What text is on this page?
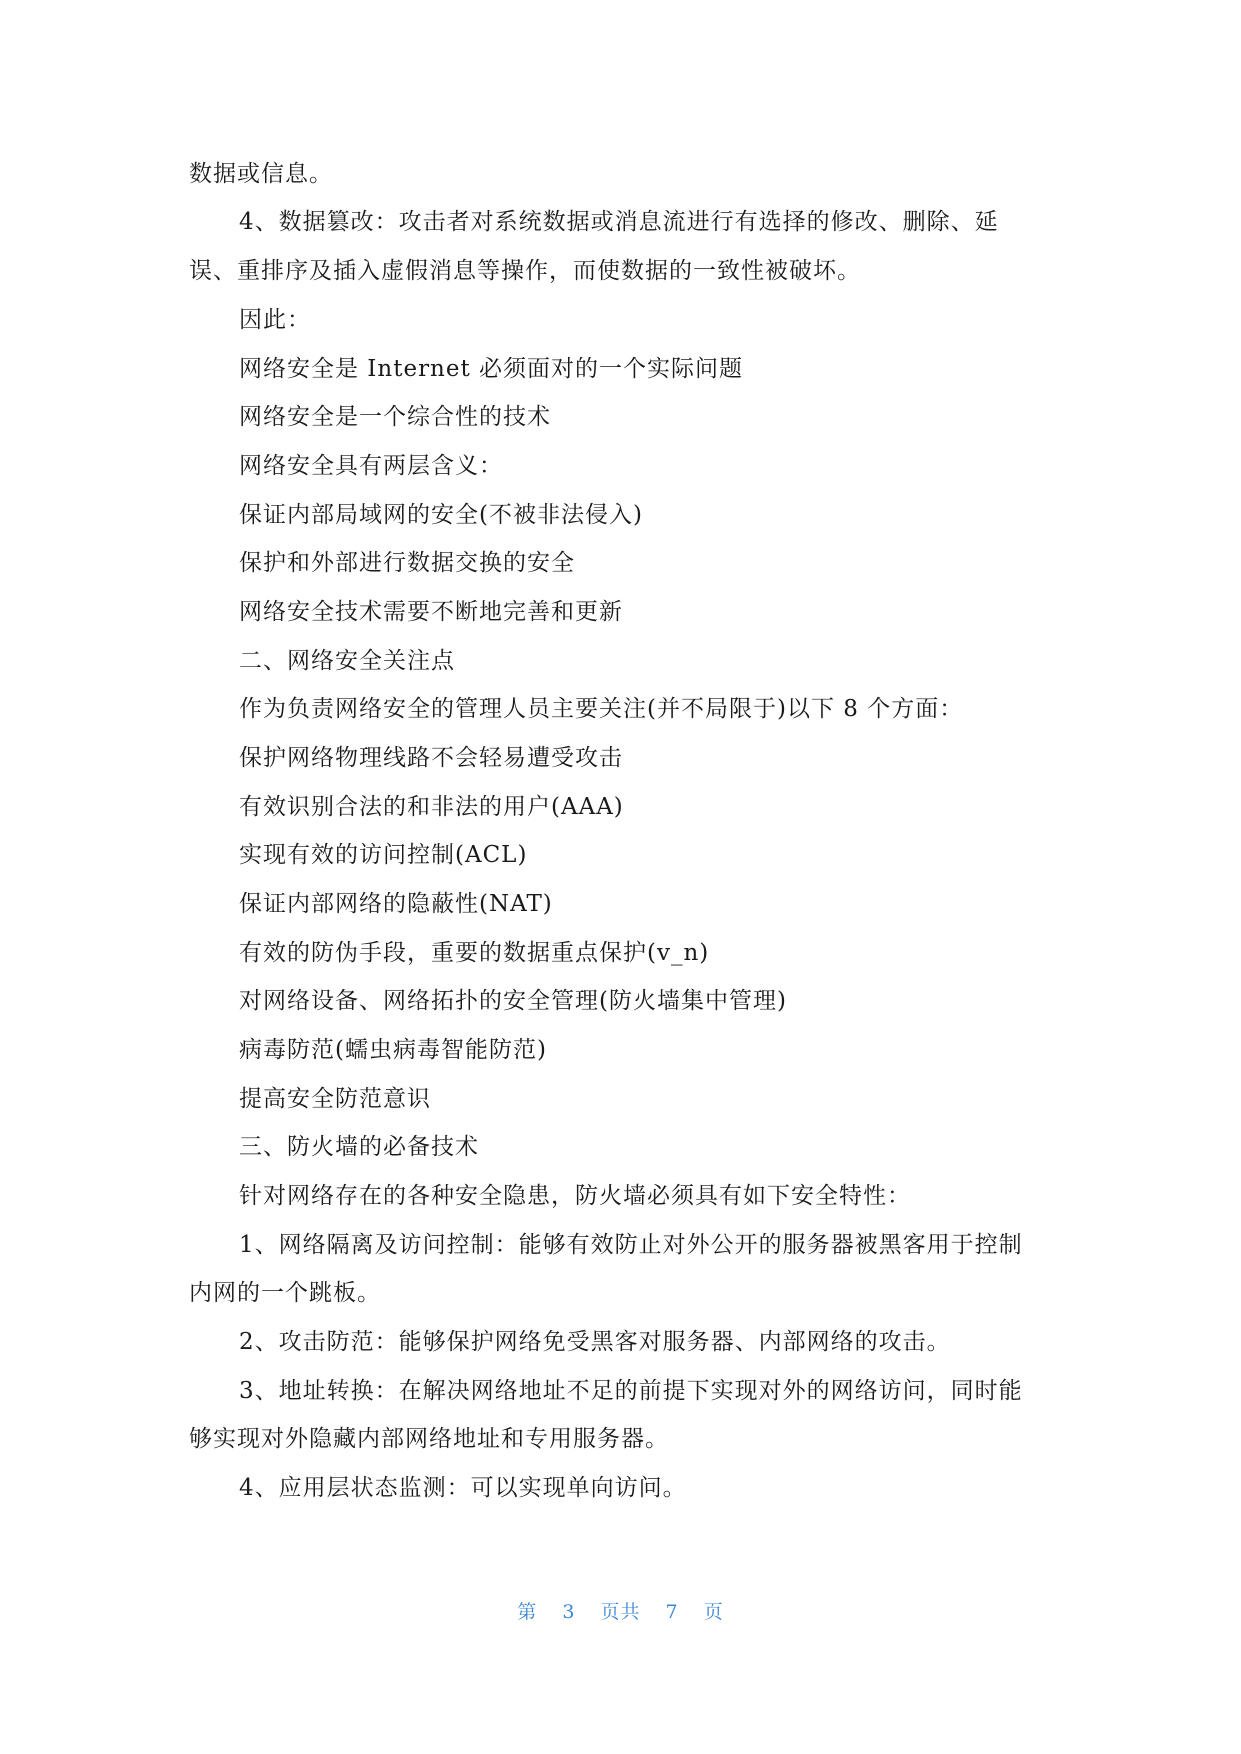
数据或信息。
4、数据篡改：攻击者对系统数据或消息流进行有选择的修改、删除、延
误、重排序及插入虚假消息等操作，而使数据的一致性被破坏。
因此：
网络安全是 Internet 必须面对的一个实际问题
网络安全是一个综合性的技术
网络安全具有两层含义：
保证内部局域网的安全(不被非法侵入)
保护和外部进行数据交换的安全
网络安全技术需要不断地完善和更新
二、网络安全关注点
作为负责网络安全的管理人员主要关注(并不局限于)以下 8 个方面：
保护网络物理线路不会轻易遭受攻击
有效识别合法的和非法的用户(AAA)
实现有效的访问控制(ACL)
保证内部网络的隐蔽性(NAT)
有效的防伪手段，重要的数据重点保护(v_n)
对网络设备、网络拓扑的安全管理(防火墙集中管理)
病毒防范(蠕虫病毒智能防范)
提高安全防范意识
三、防火墙的必备技术
针对网络存在的各种安全隐患，防火墙必须具有如下安全特性：
1、网络隔离及访问控制：能够有效防止对外公开的服务器被黑客用于控制
内网的一个跳板。
2、攻击防范：能够保护网络免受黑客对服务器、内部网络的攻击。
3、地址转换：在解决网络地址不足的前提下实现对外的网络访问，同时能
够实现对外隐藏内部网络地址和专用服务器。
4、应用层状态监测：可以实现单向访问。
第 3 页共 7 页
